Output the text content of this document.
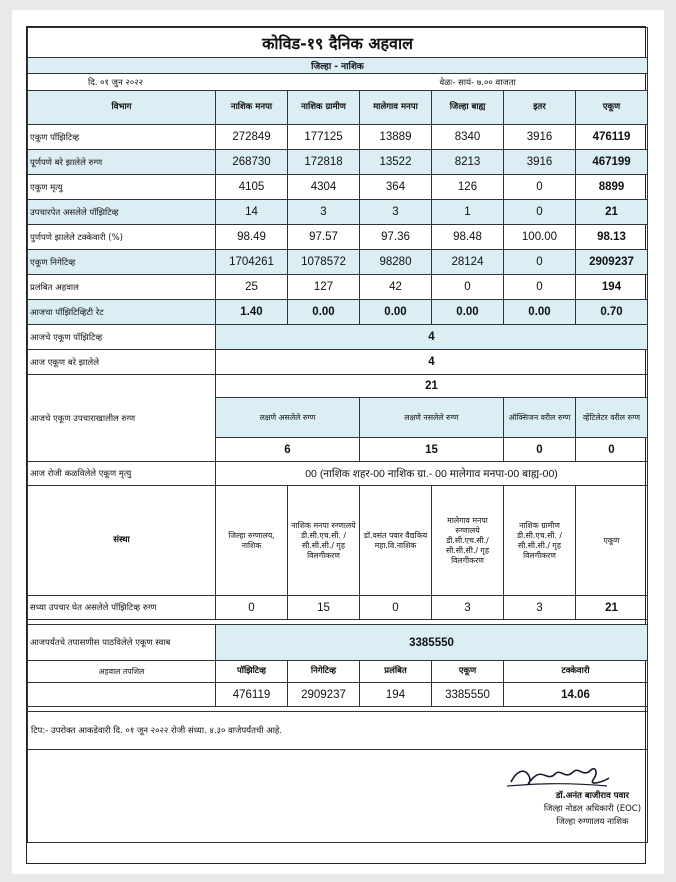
कोविड-१९ दैनिक अहवाल						
जिल्हा - नाशिक						
दि. ०१ जुन २०२२			वेळः- सायं- ७.०० वाजता			
विभाग	नाशिक मनपा	नाशिक ग्रामीण	मालेगाव मनपा	जिल्हा बाह्य	इतर	एकूण
एकूण पॉझिटिव्ह	272849	177125	13889	8340	3916	476119
पूर्णपणे बरे झालेले रुग्ण	268730	172818	13522	8213	3916	467199
एकूण मृत्यु	4105	4304	364	126	0	8899
उपचारपेत असलेले पॉझिटिव्ह	14	3	3	1	0	21
पुर्णपणे झालेले टक्केवारी (%)	98.49	97.57	97.36	98.48	100.00	98.13
एकूण निगेटिव्ह	1704261	1078572	98280	28124	0	2909237
प्रलंबित अहवाल	25	127	42	0	0	194
आजचा पॉझिटिव्हिटी रेट	1.40	0.00	0.00	0.00	0.00	0.70
आजचे एकूण पॉझिटिव्ह	4					
आज एकूण बरे झालेले	4					
आजचे एकूण उपचाराखालील रुग्ण	21					
	लक्षणे असलेले रुग्ण		लक्षणे नसलेले रुग्ण		ऑक्सिजन वरील रुग्ण	व्हेंटिलेटर वरील रुग्ण
	6		15		0	0
आज रोजी कळविलेले एकूण मृत्यु	00 (नाशिक शहर-00 नाशिक ग्रा.- 00 मालेगाव मनपा-00 बाह्य-00)					
संस्था	जिल्हा रुग्णालय, नाशिक	नाशिक मनपा रुग्णालये डी.सी.एच.सी. / सी.सी.सी./ गृह विलगीकरण	डॉ.वसंत पवार वैद्यकिय महा.वि.नाशिक	मालेगाव मनपा रुग्णालये डी.सी.एच.सी./ सी.सी.सी./ गृह विलगीकरण	नाशिक ग्रामीण डी.सी.एच.सी. /सी.सी.सी./ गृह विलगीकरण	एकूण
सध्या उपचार घेत असलेले पॉझिटिव्ह रुग्ण	0	15	0	3	3	21

आजपर्यंतचे तपासणीस पाठविलेले एकूण स्वाब	3385550					
अहवाल तपशिल	पॉझिटिव्ह	निगेटिव्ह	प्रलंबित	एकूण	टक्केवारी	
	476119	2909237	194	3385550	14.06	

टिप:- उपरोक्त आकडेवारी दि. ०१ जून २०२२ रोजी संध्या. ४.३० वाजेपर्यंतची आहे.						

डॉ.अनंत बाजीराव पवार
जिल्हा नोडल अधिकारी (EOC)
जिल्हा रुग्णालय नाशिक						
